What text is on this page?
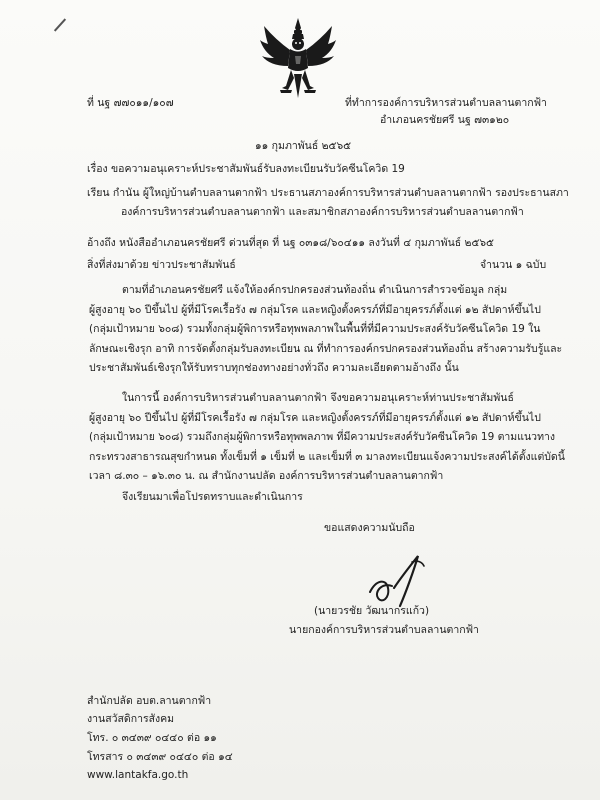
ที่ นฐ ๗๗๐๑๑/๑๐๗	ที่ทำการองค์การบริหารส่วนตำบลลานตากฟ้า
อำเภอนครชัยศรี นฐ ๗๓๑๒๐
๑๑ กุมภาพันธ์ ๒๕๖๕
เรื่อง ขอความอนุเคราะห์ประชาสัมพันธ์รับลงทะเบียนรับวัคซีนโควิด 19
เรียน กำนัน ผู้ใหญ่บ้านตำบลลานตากฟ้า ประธานสภาองค์การบริหารส่วนตำบลลานตากฟ้า รองประธานสภา
องค์การบริหารส่วนตำบลลานตากฟ้า และสมาชิกสภาองค์การบริหารส่วนตำบลลานตากฟ้า
อ้างถึง หนังสืออำเภอนครชัยศรี ด่วนที่สุด ที่ นฐ ๐๓๑๘/๖๐๔๑๑ ลงวันที่ ๔ กุมภาพันธ์ ๒๕๖๕
สิ่งที่ส่งมาด้วย ข่าวประชาสัมพันธ์	จำนวน ๑ ฉบับ
ตามที่อำเภอนครชัยศรี แจ้งให้องค์กรปกครองส่วนท้องถิ่น ดำเนินการสำรวจข้อมูล กลุ่ม
ผู้สูงอายุ ๖๐ ปีขึ้นไป ผู้ที่มีโรคเรื้อรัง ๗ กลุ่มโรค และหญิงตั้งครรภ์ที่มีอายุครรภ์ตั้งแต่ ๑๒ สัปดาห์ขึ้นไป
(กลุ่มเป้าหมาย ๖๐๘) รวมทั้งกลุ่มผู้พิการหรือทุพพลภาพในพื้นที่ที่มีความประสงค์รับวัคซีนโควิด 19 ใน
ลักษณะเชิงรุก อาทิ การจัดตั้งกลุ่มรับลงทะเบียน ณ ที่ทำการองค์กรปกครองส่วนท้องถิ่น สร้างความรับรู้และ
ประชาสัมพันธ์เชิงรุกให้รับทราบทุกช่องทางอย่างทั่วถึง ความละเอียดตามอ้างถึง นั้น
ในการนี้ องค์การบริหารส่วนตำบลลานตากฟ้า จึงขอความอนุเคราะห์ท่านประชาสัมพันธ์
ผู้สูงอายุ ๖๐ ปีขึ้นไป ผู้ที่มีโรคเรื้อรัง ๗ กลุ่มโรค และหญิงตั้งครรภ์ที่มีอายุครรภ์ตั้งแต่ ๑๒ สัปดาห์ขึ้นไป
(กลุ่มเป้าหมาย ๖๐๘) รวมถึงกลุ่มผู้พิการหรือทุพพลภาพ ที่มีความประสงค์รับวัคซีนโควิด 19 ตามแนวทาง
กระทรวงสาธารณสุขกำหนด ทั้งเข็มที่ ๑ เข็มที่ ๒ และเข็มที่ ๓ มาลงทะเบียนแจ้งความประสงค์ได้ตั้งแต่บัดนี้
เวลา ๘.๓๐ – ๑๖.๓๐ น. ณ สำนักงานปลัด องค์การบริหารส่วนตำบลลานตากฟ้า
จึงเรียนมาเพื่อโปรดทราบและดำเนินการ
ขอแสดงความนับถือ
(นายวรชัย วัฒนากรแก้ว)
นายกองค์การบริหารส่วนตำบลลานตากฟ้า
สำนักปลัด อบต.ลานตากฟ้า
งานสวัสดิการสังคม
โทร. ๐ ๓๔๓๙ ๐๔๔๐ ต่อ ๑๑
โทรสาร ๐ ๓๔๓๙ ๐๔๔๐ ต่อ ๑๔
www.lantakfa.go.th
